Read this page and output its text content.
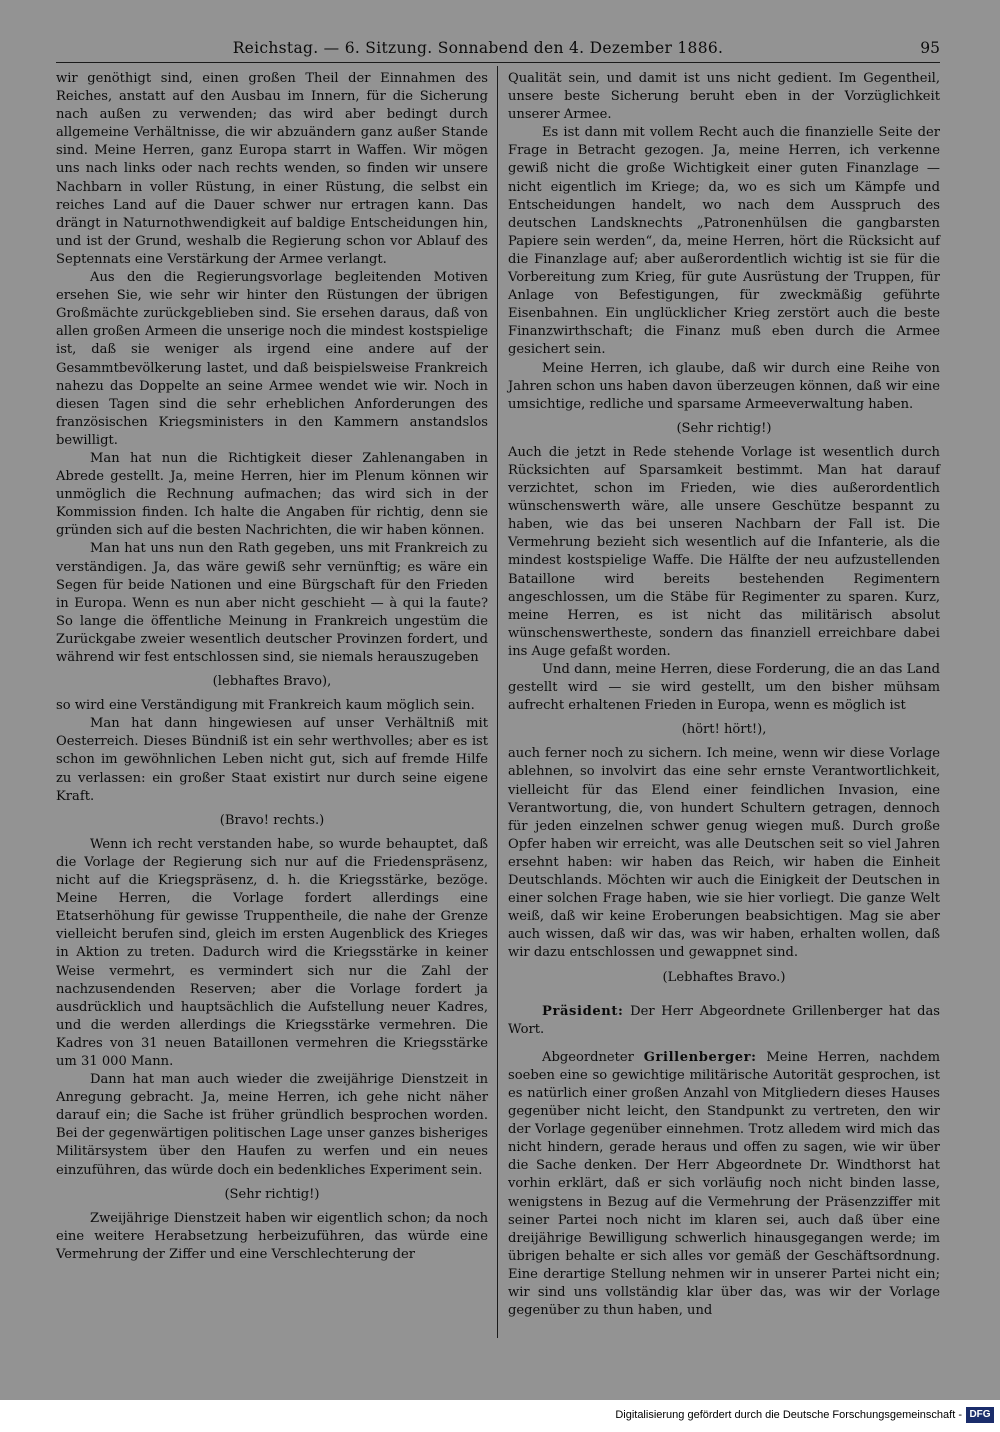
Reichstag. — 6. Sitzung. Sonnabend den 4. Dezember 1886.	95

wir genöthigt sind, einen großen Theil der Einnahmen des Reiches, anstatt auf den Ausbau im Innern, für die Sicherung nach außen zu verwenden; das wird aber bedingt durch allgemeine Verhältnisse, die wir abzuändern ganz außer Stande sind. Meine Herren, ganz Europa starrt in Waffen. Wir mögen uns nach links oder nach rechts wenden, so finden wir unsere Nachbarn in voller Rüstung, in einer Rüstung, die selbst ein reiches Land auf die Dauer schwer nur ertragen kann. Das drängt in Naturnothwendigkeit auf baldige Entscheidungen hin, und ist der Grund, weshalb die Regierung schon vor Ablauf des Septennats eine Verstärkung der Armee verlangt.

Aus den die Regierungsvorlage begleitenden Motiven ersehen Sie, wie sehr wir hinter den Rüstungen der übrigen Großmächte zurückgeblieben sind. Sie ersehen daraus, daß von allen großen Armeen die unserige noch die mindest kostspielige ist, daß sie weniger als irgend eine andere auf der Gesammtbevölkerung lastet, und daß beispielsweise Frankreich nahezu das Doppelte an seine Armee wendet wie wir. Noch in diesen Tagen sind die sehr erheblichen Anforderungen des französischen Kriegsministers in den Kammern anstandslos bewilligt.

Man hat nun die Richtigkeit dieser Zahlenangaben in Abrede gestellt. Ja, meine Herren, hier im Plenum können wir unmöglich die Rechnung aufmachen; das wird sich in der Kommission finden. Ich halte die Angaben für richtig, denn sie gründen sich auf die besten Nachrichten, die wir haben können.

Man hat uns nun den Rath gegeben, uns mit Frankreich zu verständigen. Ja, das wäre gewiß sehr vernünftig; es wäre ein Segen für beide Nationen und eine Bürgschaft für den Frieden in Europa. Wenn es nun aber nicht geschieht — à qui la faute? So lange die öffentliche Meinung in Frankreich ungestüm die Zurückgabe zweier wesentlich deutscher Provinzen fordert, und während wir fest entschlossen sind, sie niemals herauszugeben

(lebhaftes Bravo),

so wird eine Verständigung mit Frankreich kaum möglich sein.

Man hat dann hingewiesen auf unser Verhältniß mit Oesterreich. Dieses Bündniß ist ein sehr werthvolles; aber es ist schon im gewöhnlichen Leben nicht gut, sich auf fremde Hilfe zu verlassen: ein großer Staat existirt nur durch seine eigene Kraft.

(Bravo! rechts.)

Wenn ich recht verstanden habe, so wurde behauptet, daß die Vorlage der Regierung sich nur auf die Friedenspräsenz, nicht auf die Kriegspräsenz, d. h. die Kriegsstärke, bezöge. Meine Herren, die Vorlage fordert allerdings eine Etatserhöhung für gewisse Truppentheile, die nahe der Grenze vielleicht berufen sind, gleich im ersten Augenblick des Krieges in Aktion zu treten. Dadurch wird die Kriegsstärke in keiner Weise vermehrt, es vermindert sich nur die Zahl der nachzusendenden Reserven; aber die Vorlage fordert ja ausdrücklich und hauptsächlich die Aufstellung neuer Kadres, und die werden allerdings die Kriegsstärke vermehren. Die Kadres von 31 neuen Bataillonen vermehren die Kriegsstärke um 31 000 Mann.

Dann hat man auch wieder die zweijährige Dienstzeit in Anregung gebracht. Ja, meine Herren, ich gehe nicht näher darauf ein; die Sache ist früher gründlich besprochen worden. Bei der gegenwärtigen politischen Lage unser ganzes bisheriges Militärsystem über den Haufen zu werfen und ein neues einzuführen, das würde doch ein bedenkliches Experiment sein.

(Sehr richtig!)

Zweijährige Dienstzeit haben wir eigentlich schon; da noch eine weitere Herabsetzung herbeizuführen, das würde eine Vermehrung der Ziffer und eine Verschlechterung der

Qualität sein, und damit ist uns nicht gedient. Im Gegentheil, unsere beste Sicherung beruht eben in der Vorzüglichkeit unserer Armee.

Es ist dann mit vollem Recht auch die finanzielle Seite der Frage in Betracht gezogen. Ja, meine Herren, ich verkenne gewiß nicht die große Wichtigkeit einer guten Finanzlage — nicht eigentlich im Kriege; da, wo es sich um Kämpfe und Entscheidungen handelt, wo nach dem Ausspruch des deutschen Landsknechts „Patronenhülsen die gangbarsten Papiere sein werden“, da, meine Herren, hört die Rücksicht auf die Finanzlage auf; aber außerordentlich wichtig ist sie für die Vorbereitung zum Krieg, für gute Ausrüstung der Truppen, für Anlage von Befestigungen, für zweckmäßig geführte Eisenbahnen. Ein unglücklicher Krieg zerstört auch die beste Finanzwirthschaft; die Finanz muß eben durch die Armee gesichert sein.

Meine Herren, ich glaube, daß wir durch eine Reihe von Jahren schon uns haben davon überzeugen können, daß wir eine umsichtige, redliche und sparsame Armeeverwaltung haben.

(Sehr richtig!)

Auch die jetzt in Rede stehende Vorlage ist wesentlich durch Rücksichten auf Sparsamkeit bestimmt. Man hat darauf verzichtet, schon im Frieden, wie dies außerordentlich wünschenswerth wäre, alle unsere Geschütze bespannt zu haben, wie das bei unseren Nachbarn der Fall ist. Die Vermehrung bezieht sich wesentlich auf die Infanterie, als die mindest kostspielige Waffe. Die Hälfte der neu aufzustellenden Bataillone wird bereits bestehenden Regimentern angeschlossen, um die Stäbe für Regimenter zu sparen. Kurz, meine Herren, es ist nicht das militärisch absolut wünschenswertheste, sondern das finanziell erreichbare dabei ins Auge gefaßt worden.

Und dann, meine Herren, diese Forderung, die an das Land gestellt wird — sie wird gestellt, um den bisher mühsam aufrecht erhaltenen Frieden in Europa, wenn es möglich ist

(hört! hört!),

auch ferner noch zu sichern. Ich meine, wenn wir diese Vorlage ablehnen, so involvirt das eine sehr ernste Verantwortlichkeit, vielleicht für das Elend einer feindlichen Invasion, eine Verantwortung, die, von hundert Schultern getragen, dennoch für jeden einzelnen schwer genug wiegen muß. Durch große Opfer haben wir erreicht, was alle Deutschen seit so viel Jahren ersehnt haben: wir haben das Reich, wir haben die Einheit Deutschlands. Möchten wir auch die Einigkeit der Deutschen in einer solchen Frage haben, wie sie hier vorliegt. Die ganze Welt weiß, daß wir keine Eroberungen beabsichtigen. Mag sie aber auch wissen, daß wir das, was wir haben, erhalten wollen, daß wir dazu entschlossen und gewappnet sind.

(Lebhaftes Bravo.)

Präsident: Der Herr Abgeordnete Grillenberger hat das Wort.

Abgeordneter Grillenberger: Meine Herren, nachdem soeben eine so gewichtige militärische Autorität gesprochen, ist es natürlich einer großen Anzahl von Mitgliedern dieses Hauses gegenüber nicht leicht, den Standpunkt zu vertreten, den wir der Vorlage gegenüber einnehmen. Trotz alledem wird mich das nicht hindern, gerade heraus und offen zu sagen, wie wir über die Sache denken. Der Herr Abgeordnete Dr. Windthorst hat vorhin erklärt, daß er sich vorläufig noch nicht binden lasse, wenigstens in Bezug auf die Vermehrung der Präsenzziffer mit seiner Partei noch nicht im klaren sei, auch daß über eine dreijährige Bewilligung schwerlich hinausgegangen werde; im übrigen behalte er sich alles vor gemäß der Geschäftsordnung. Eine derartige Stellung nehmen wir in unserer Partei nicht ein; wir sind uns vollständig klar über das, was wir der Vorlage gegenüber zu thun haben, und

Digitalisierung gefördert durch die Deutsche Forschungsgemeinschaft - DFG
